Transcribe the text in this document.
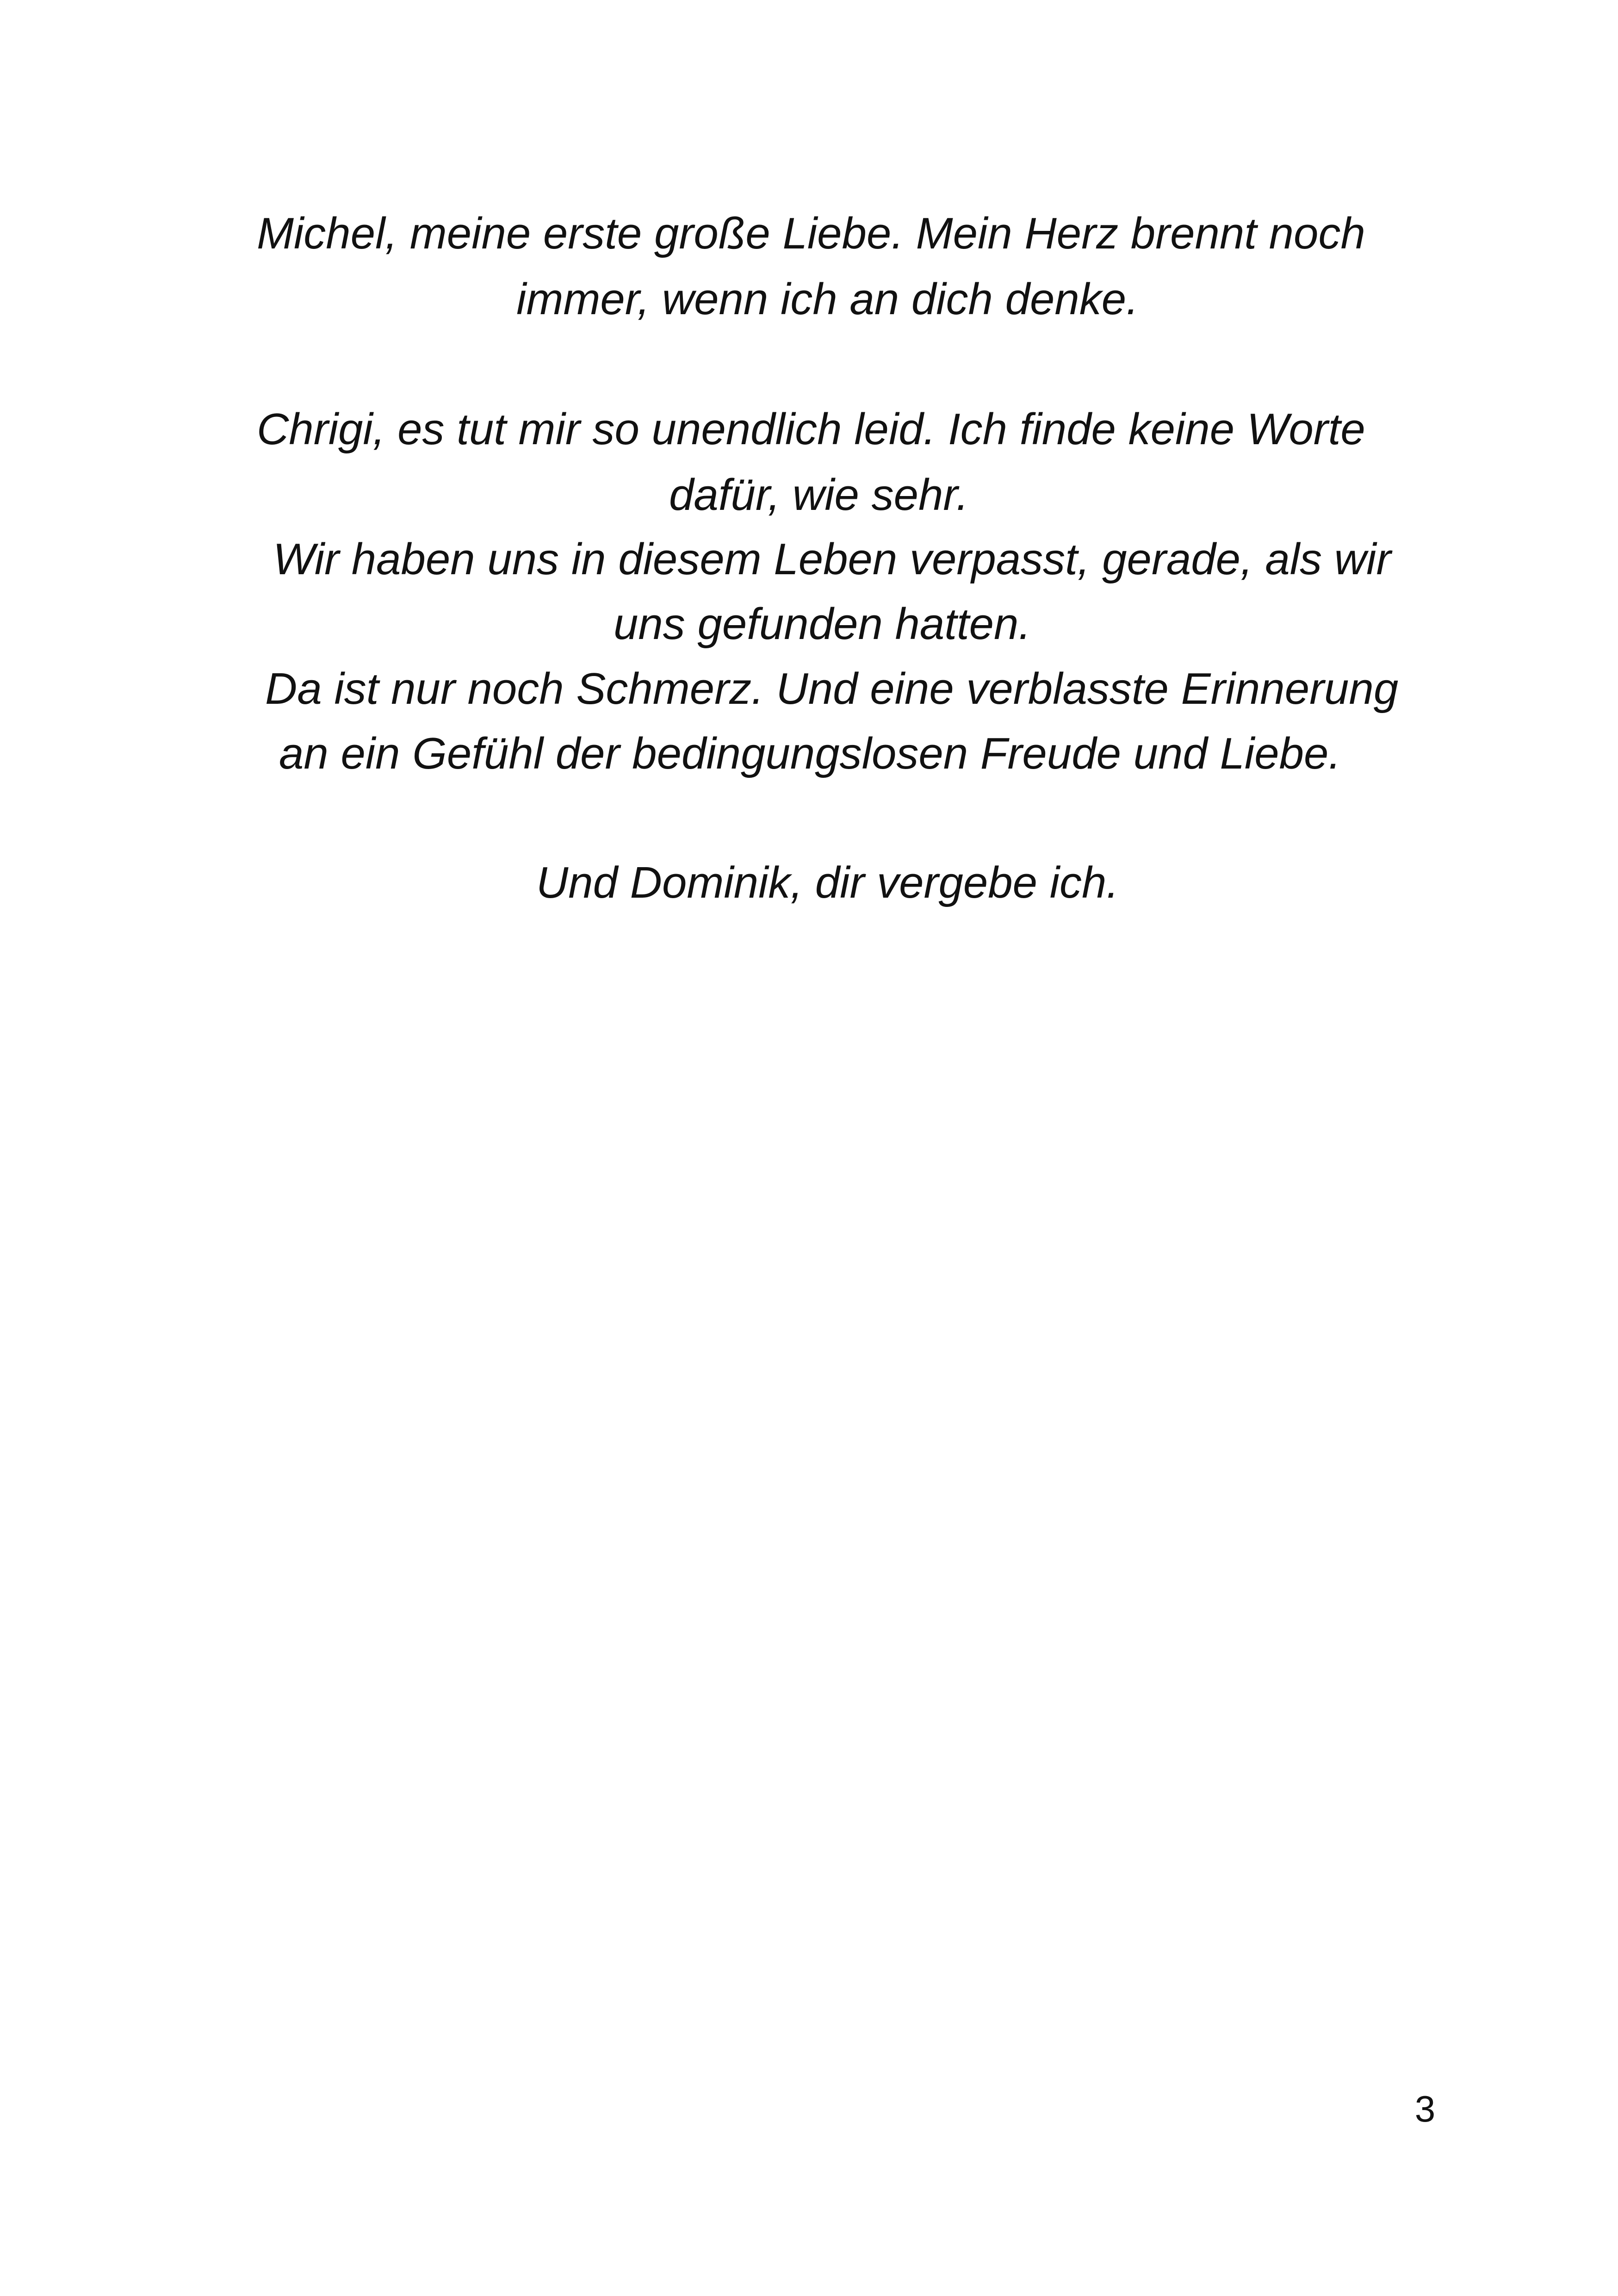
Michel, meine erste große Liebe. Mein Herz brennt noch

immer, wenn ich an dich denke.

Chrigi, es tut mir so unendlich leid. Ich finde keine Worte

dafür, wie sehr.

Wir haben uns in diesem Leben verpasst, gerade, als wir

uns gefunden hatten.

Da ist nur noch Schmerz. Und eine verblasste Erinnerung

an ein Gefühl der bedingungslosen Freude und Liebe.

Und Dominik, dir vergebe ich.

3
